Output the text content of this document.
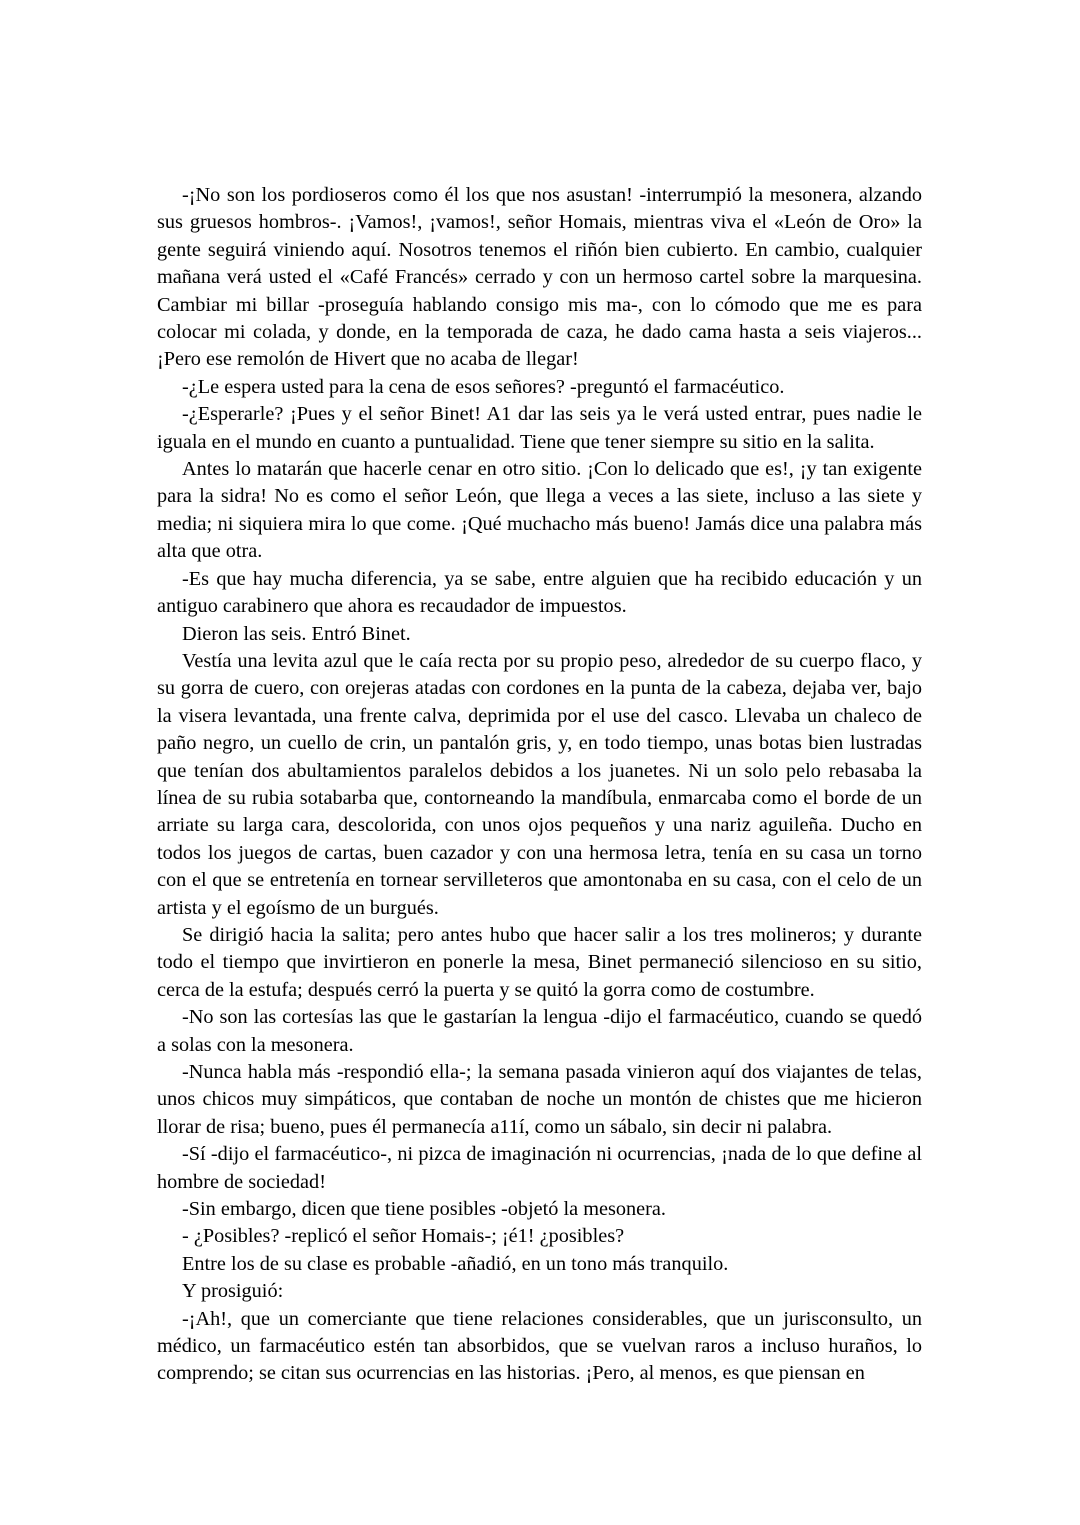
-¡No son los pordioseros como él los que nos asustan! -interrumpió la mesonera, alzando sus gruesos hombros-. ¡Vamos!, ¡vamos!, señor Homais, mientras viva el «León de Oro» la gente seguirá viniendo aquí. Nosotros tenemos el riñón bien cubierto. En cambio, cualquier mañana verá usted el «Café Francés» cerrado y con un hermoso cartel sobre la marquesina. Cambiar mi billar -proseguía hablando consigo mis ma-, con lo cómodo que me es para colocar mi colada, y donde, en la temporada de caza, he dado cama hasta a seis viajeros... ¡Pero ese remolón de Hivert que no acaba de llegar!

-¿Le espera usted para la cena de esos señores? -preguntó el farmacéutico.

-¿Esperarle? ¡Pues y el señor Binet! A1 dar las seis ya le verá usted entrar, pues nadie le iguala en el mundo en cuanto a puntualidad. Tiene que tener siempre su sitio en la salita.

Antes lo matarán que hacerle cenar en otro sitio. ¡Con lo delicado que es!, ¡y tan exigente para la sidra! No es como el señor León, que llega a veces a las siete, incluso a las siete y media; ni siquiera mira lo que come. ¡Qué muchacho más bueno! Jamás dice una palabra más alta que otra.

-Es que hay mucha diferencia, ya se sabe, entre alguien que ha recibido educación y un antiguo carabinero que ahora es recaudador de impuestos.

Dieron las seis. Entró Binet.

Vestía una levita azul que le caía recta por su propio peso, alrededor de su cuerpo flaco, y su gorra de cuero, con orejeras atadas con cordones en la punta de la cabeza, dejaba ver, bajo la visera levantada, una frente calva, deprimida por el use del casco. Llevaba un chaleco de paño negro, un cuello de crin, un pantalón gris, y, en todo tiempo, unas botas bien lustradas que tenían dos abultamientos paralelos debidos a los juanetes. Ni un solo pelo rebasaba la línea de su rubia sotabarba que, contorneando la mandíbula, enmarcaba como el borde de un arriate su larga cara, descolorida, con unos ojos pequeños y una nariz aguileña. Ducho en todos los juegos de cartas, buen cazador y con una hermosa letra, tenía en su casa un torno con el que se entretenía en tornear servilleteros que amontonaba en su casa, con el celo de un artista y el egoísmo de un burgués.

Se dirigió hacia la salita; pero antes hubo que hacer salir a los tres molineros; y durante todo el tiempo que invirtieron en ponerle la mesa, Binet permaneció silencioso en su sitio, cerca de la estufa; después cerró la puerta y se quitó la gorra como de costumbre.

-No son las cortesías las que le gastarían la lengua -dijo el farmacéutico, cuando se quedó a solas con la mesonera.

-Nunca habla más -respondió ella-; la semana pasada vinieron aquí dos viajantes de telas, unos chicos muy simpáticos, que contaban de noche un montón de chistes que me hicieron llorar de risa; bueno, pues él permanecía a11í, como un sábalo, sin decir ni palabra.

-Sí -dijo el farmacéutico-, ni pizca de imaginación ni ocurrencias, ¡nada de lo que define al hombre de sociedad!

-Sin embargo, dicen que tiene posibles -objetó la mesonera.

- ¿Posibles? -replicó el señor Homais-; ¡é1! ¿posibles?

Entre los de su clase es probable -añadió, en un tono más tranquilo.

Y prosiguió:

-¡Ah!, que un comerciante que tiene relaciones considerables, que un jurisconsulto, un médico, un farmacéutico estén tan absorbidos, que se vuelvan raros a incluso huraños, lo comprendo; se citan sus ocurrencias en las historias. ¡Pero, al menos, es que piensan en
